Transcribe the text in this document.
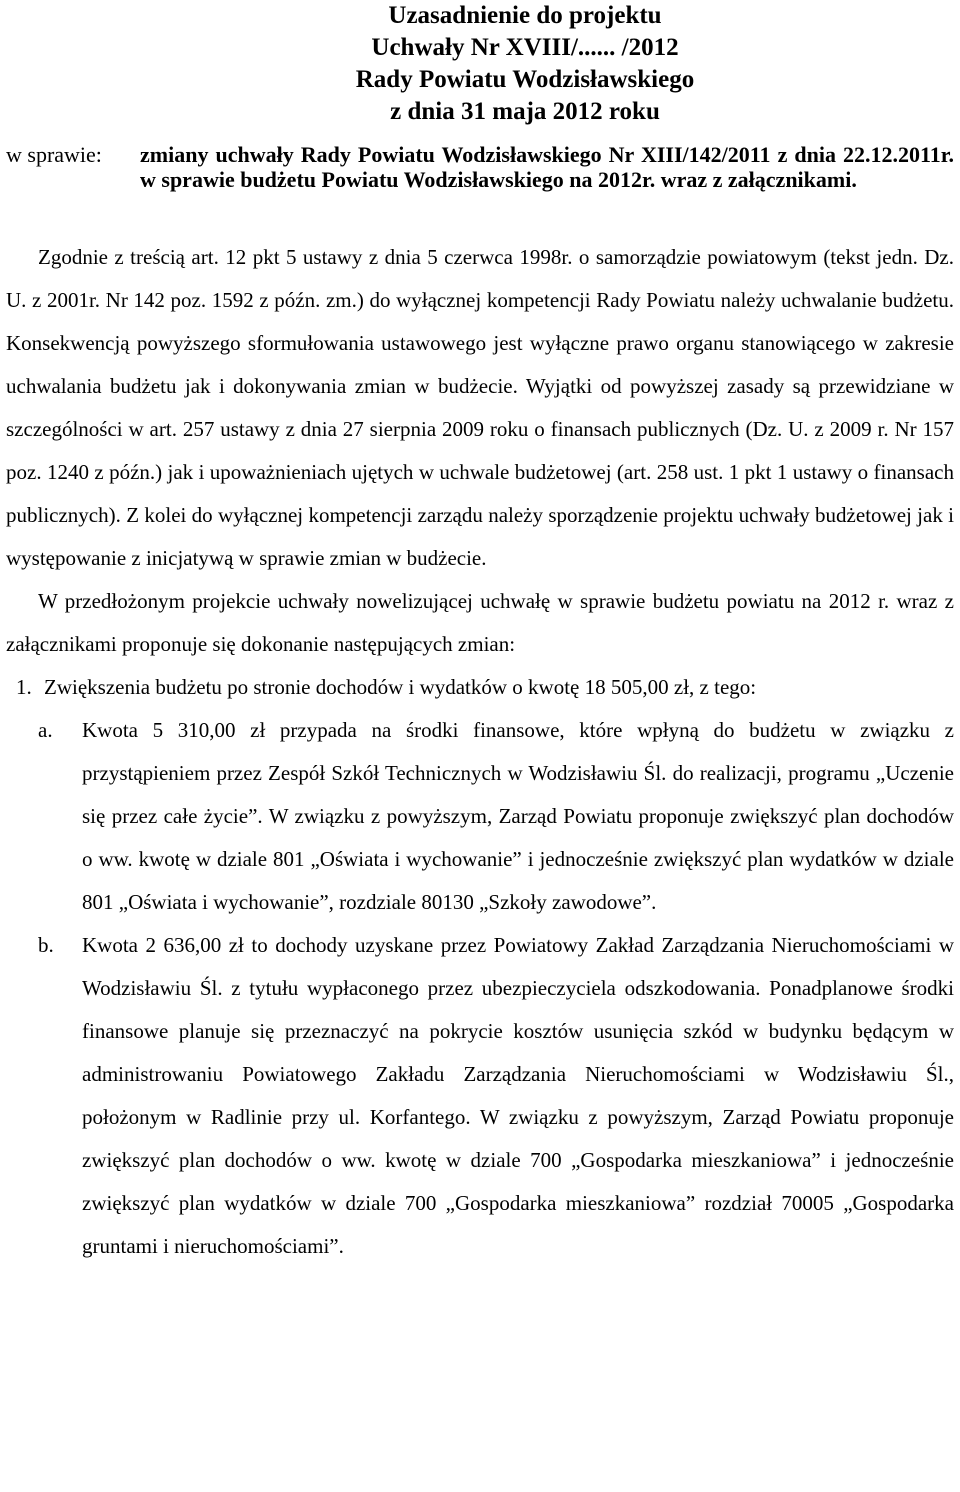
Uzasadnienie do projektu
Uchwały Nr XVIII/...... /2012
Rady Powiatu Wodzisławskiego
z dnia 31 maja 2012 roku
w sprawie:	zmiany uchwały Rady Powiatu Wodzisławskiego Nr XIII/142/2011 z dnia 22.12.2011r. w sprawie budżetu Powiatu Wodzisławskiego na 2012r. wraz z załącznikami.
Zgodnie z treścią art. 12 pkt 5 ustawy z dnia 5 czerwca 1998r. o samorządzie powiatowym (tekst jedn. Dz. U. z 2001r. Nr 142 poz. 1592 z późn. zm.) do wyłącznej kompetencji Rady Powiatu należy uchwalanie budżetu. Konsekwencją powyższego sformułowania ustawowego jest wyłączne prawo organu stanowiącego w zakresie uchwalania budżetu jak i dokonywania zmian w budżecie. Wyjątki od powyższej zasady są przewidziane w szczególności w art. 257 ustawy z dnia 27 sierpnia 2009 roku o finansach publicznych (Dz. U. z 2009 r. Nr 157 poz. 1240 z późn.) jak i upoważnieniach ujętych w uchwale budżetowej (art. 258 ust. 1 pkt 1 ustawy o finansach publicznych). Z kolei do wyłącznej kompetencji zarządu należy sporządzenie projektu uchwały budżetowej jak i występowanie z inicjatywą w sprawie zmian w budżecie.
W przedłożonym projekcie uchwały nowelizującej uchwałę w sprawie budżetu powiatu na 2012 r. wraz z załącznikami proponuje się dokonanie następujących zmian:
1. Zwiększenia budżetu po stronie dochodów i wydatków o kwotę 18 505,00 zł, z tego:
a.	Kwota 5 310,00 zł przypada na środki finansowe, które wpłyną do budżetu w związku z przystąpieniem przez Zespół Szkół Technicznych w Wodzisławiu Śl. do realizacji, programu „Uczenie się przez całe życie”. W związku z powyższym, Zarząd Powiatu proponuje zwiększyć plan dochodów o ww. kwotę w dziale 801 „Oświata i wychowanie” i jednocześnie zwiększyć plan wydatków w dziale 801 „Oświata i wychowanie”, rozdziale 80130 „Szkoły zawodowe”.
b.	Kwota 2 636,00 zł to dochody uzyskane przez Powiatowy Zakład Zarządzania Nieruchomościami w Wodzisławiu Śl. z tytułu wypłaconego przez ubezpieczyciela odszkodowania. Ponadplanowe środki finansowe planuje się przeznaczyć na pokrycie kosztów usunięcia szkód w budynku będącym w administrowaniu Powiatowego Zakładu Zarządzania Nieruchomościami w Wodzisławiu Śl., położonym w Radlinie przy ul. Korfantego. W związku z powyższym, Zarząd Powiatu proponuje zwiększyć plan dochodów o ww. kwotę w dziale 700 „Gospodarka mieszkaniowa” i jednocześnie zwiększyć plan wydatków w dziale 700 „Gospodarka mieszkaniowa” rozdział 70005 „Gospodarka gruntami i nieruchomościami”.
